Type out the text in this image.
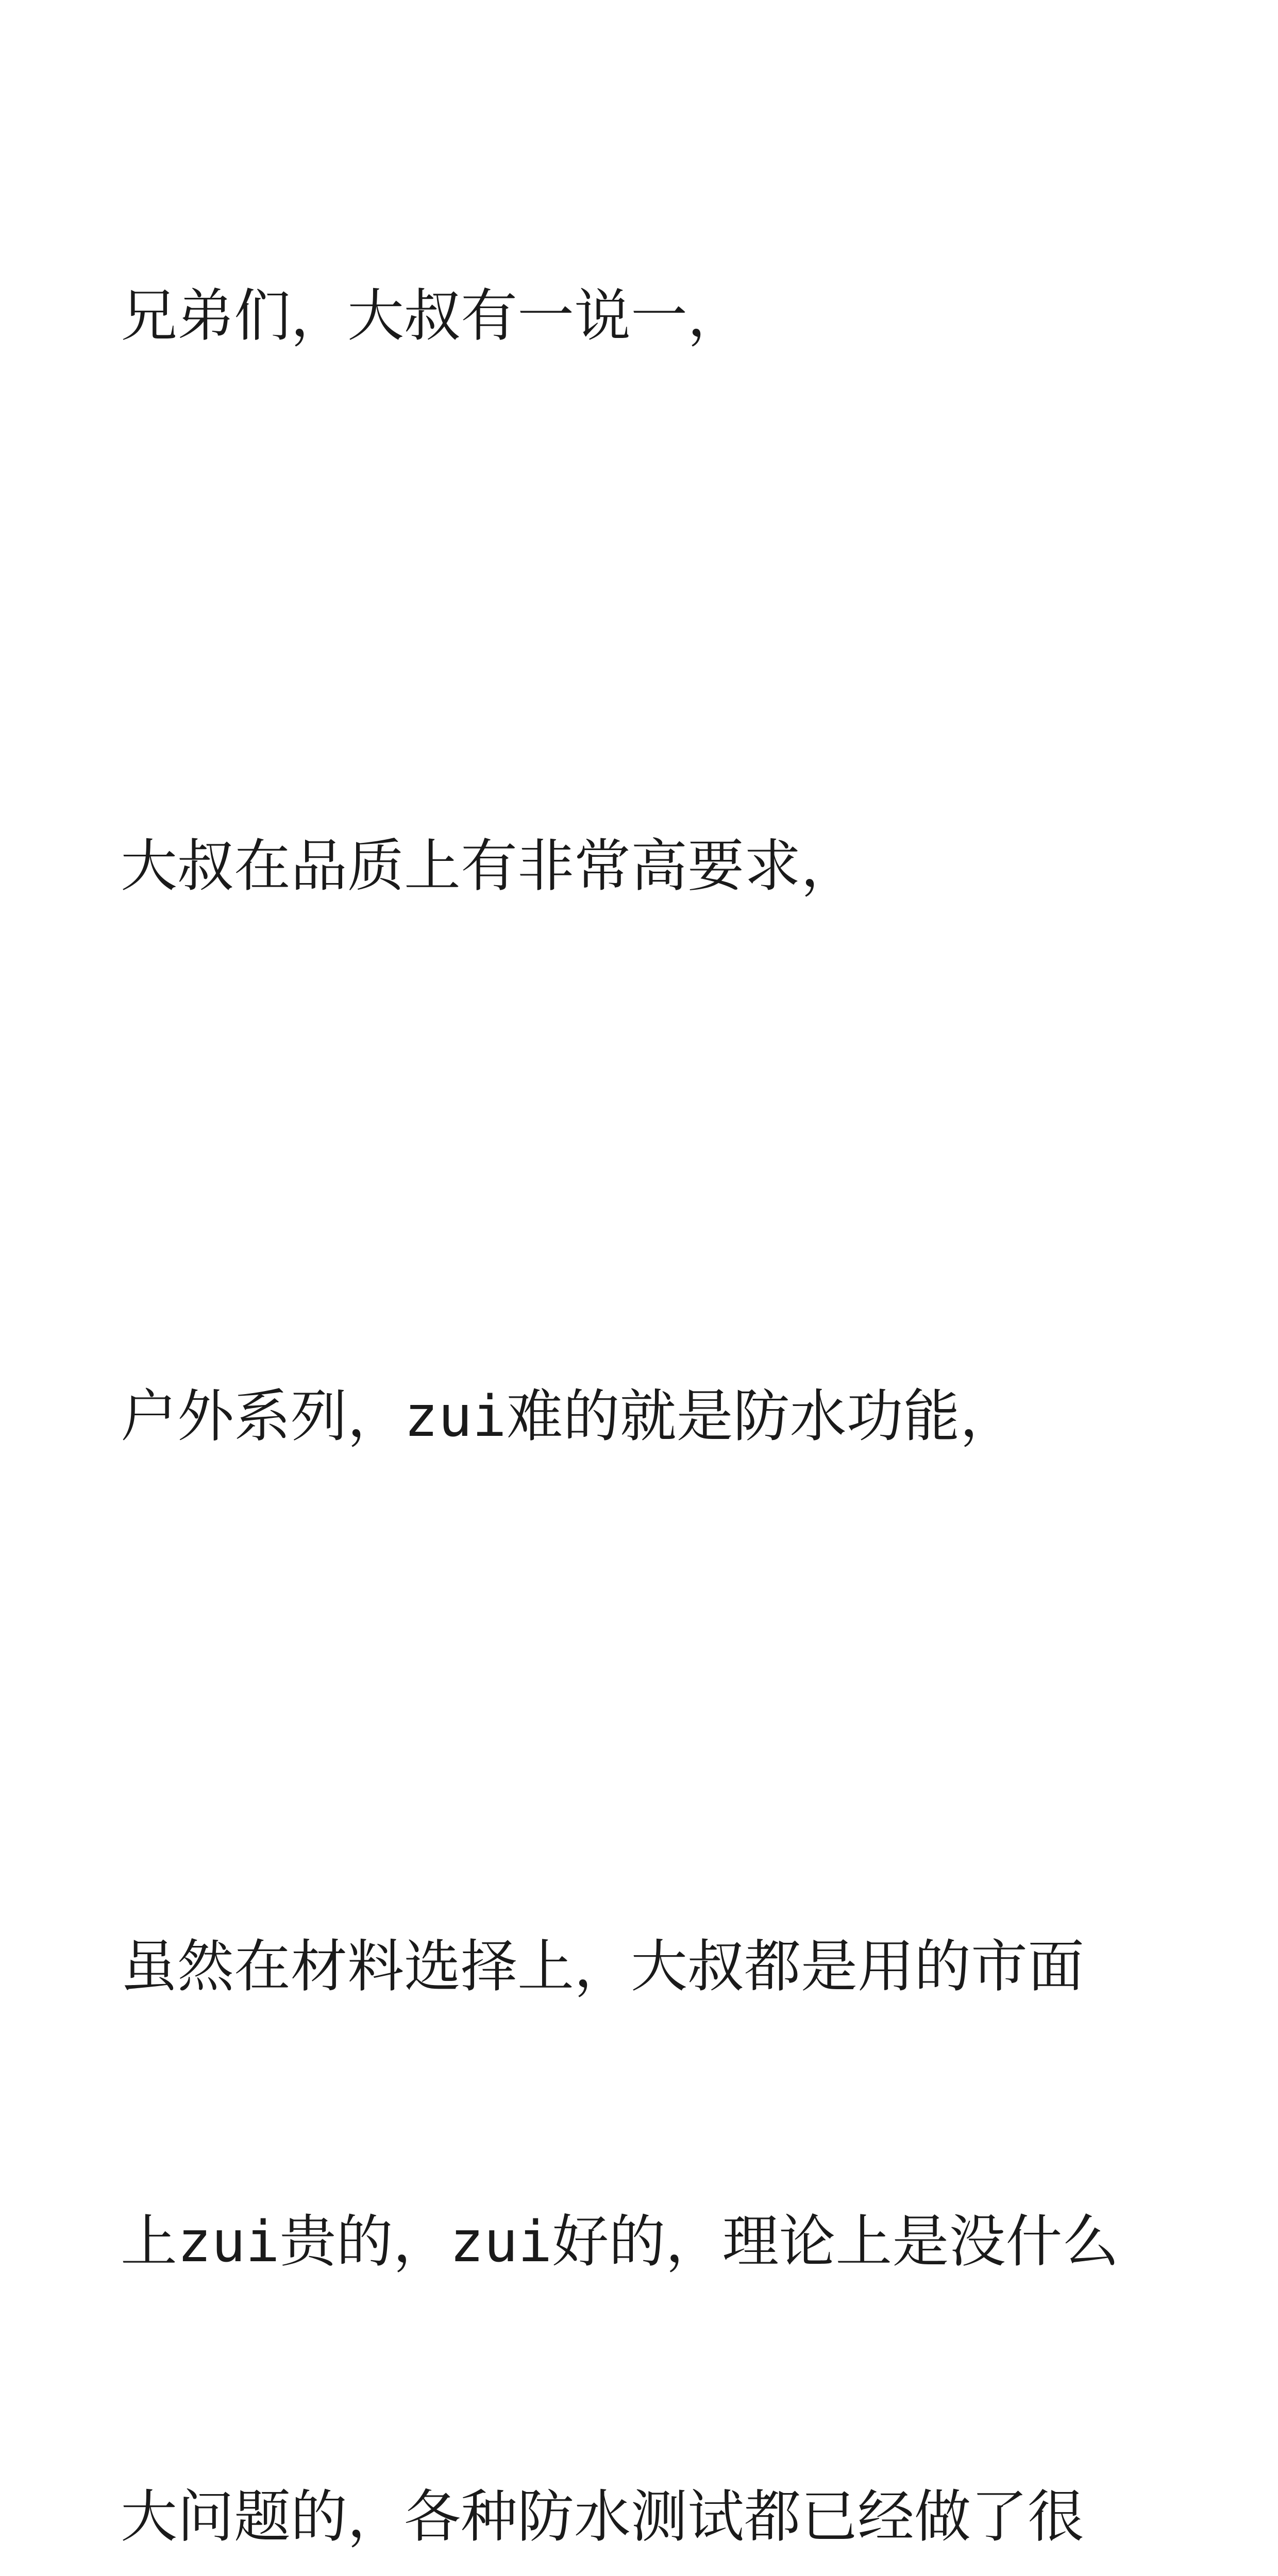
兄弟们，大叔有一说一，

大叔在品质上有非常高要求，

户外系列，zui难的就是防水功能，

虽然在材料选择上，大叔都是用的市面

上zui贵的，zui好的，理论上是没什么

大问题的，各种防水测试都已经做了很
